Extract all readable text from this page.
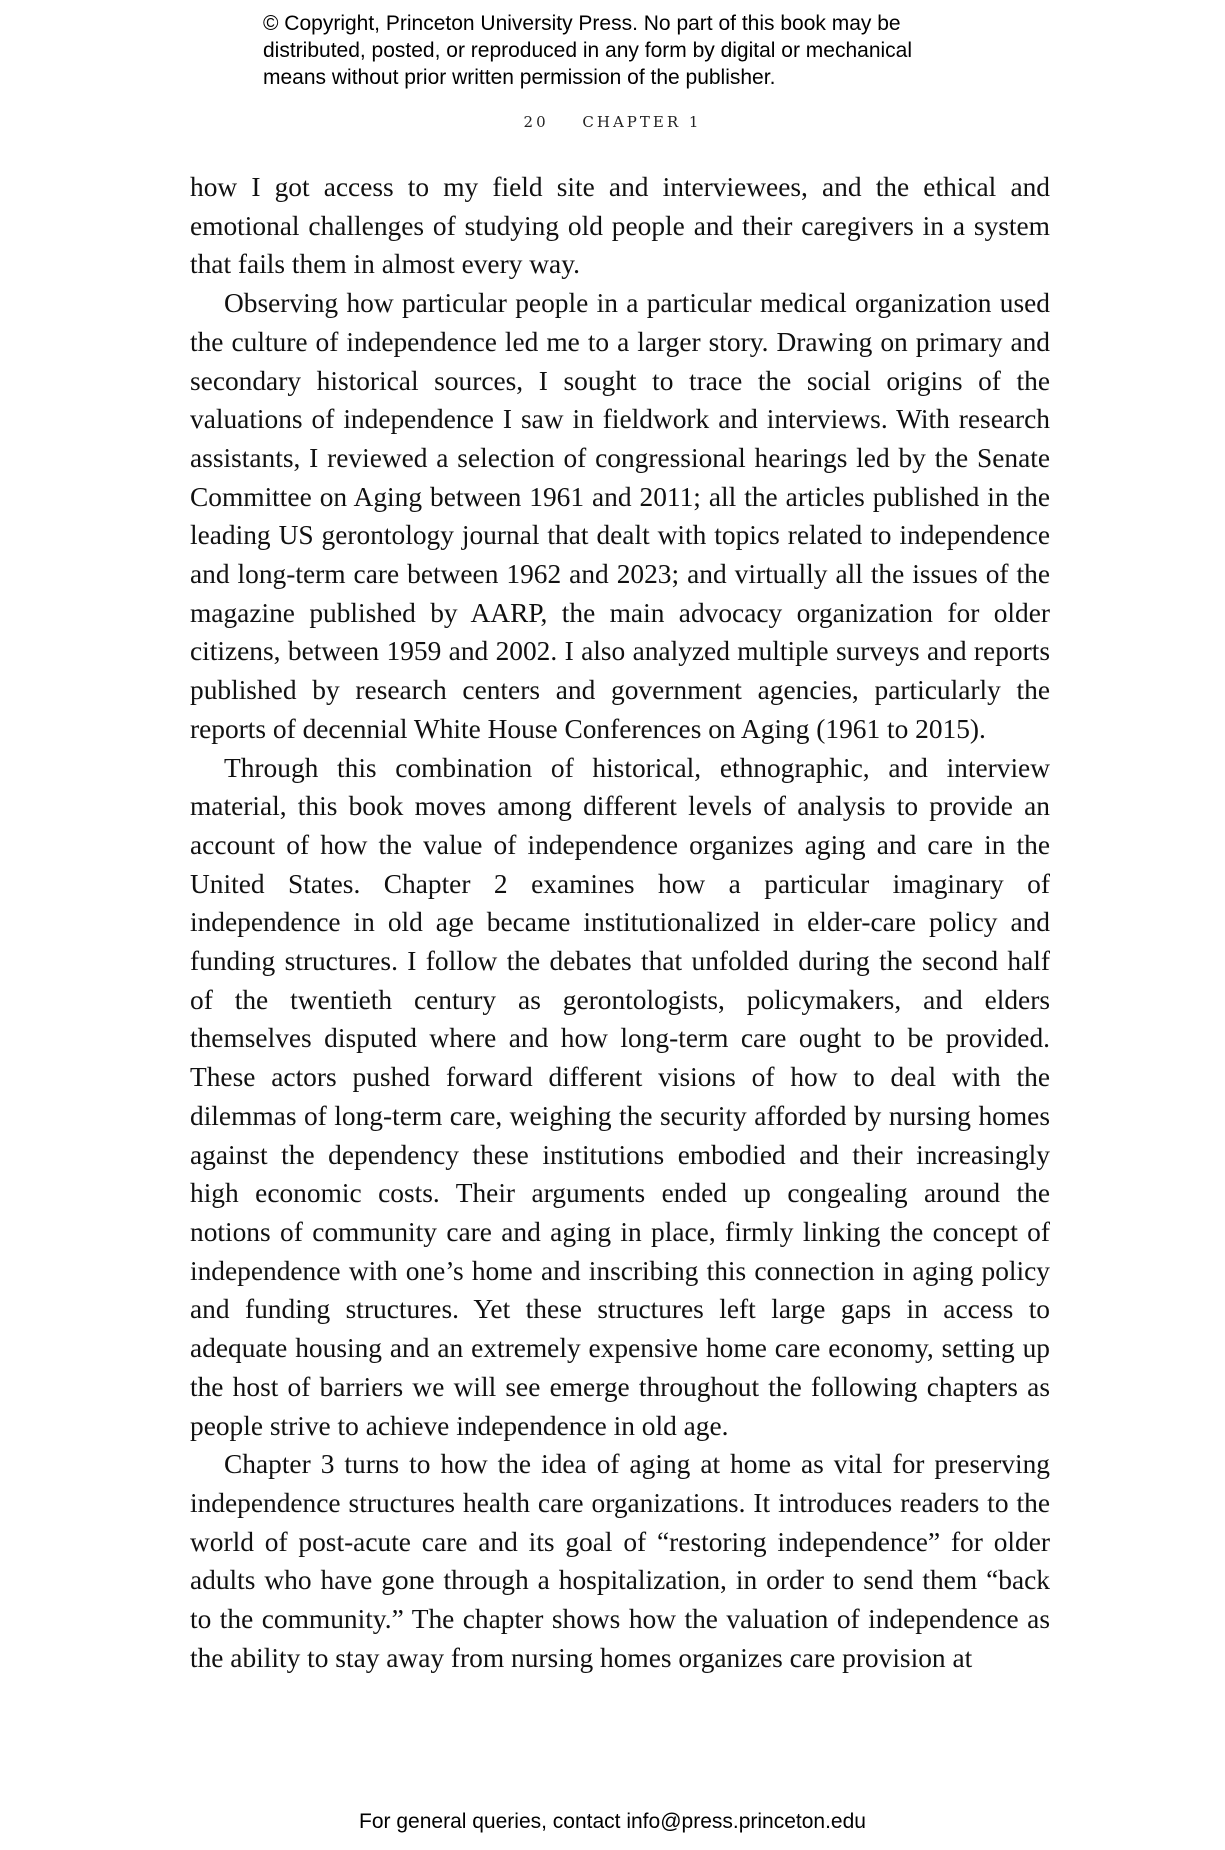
© Copyright, Princeton University Press. No part of this book may be
distributed, posted, or reproduced in any form by digital or mechanical
means without prior written permission of the publisher.
20 CHAPTER 1

how I got access to my field site and interviewees, and the ethical and emotional challenges of studying old people and their caregivers in a system that fails them in almost every way.

Observing how particular people in a particular medical organization used the culture of independence led me to a larger story. Drawing on primary and secondary historical sources, I sought to trace the social origins of the valuations of independence I saw in fieldwork and interviews. With research assistants, I reviewed a selection of congressional hearings led by the Senate Committee on Aging between 1961 and 2011; all the articles published in the leading US gerontology journal that dealt with topics related to independence and long-term care between 1962 and 2023; and virtually all the issues of the magazine published by AARP, the main advocacy organization for older citizens, between 1959 and 2002. I also analyzed multiple surveys and reports published by research centers and government agencies, particularly the reports of decennial White House Conferences on Aging (1961 to 2015).

Through this combination of historical, ethnographic, and interview material, this book moves among different levels of analysis to provide an account of how the value of independence organizes aging and care in the United States. Chapter 2 examines how a particular imaginary of independence in old age became institutionalized in elder-care policy and funding structures. I follow the debates that unfolded during the second half of the twentieth century as gerontologists, policymakers, and elders themselves disputed where and how long-term care ought to be provided. These actors pushed forward different visions of how to deal with the dilemmas of long-term care, weighing the security afforded by nursing homes against the dependency these institutions embodied and their increasingly high economic costs. Their arguments ended up congealing around the notions of community care and aging in place, firmly linking the concept of independence with one’s home and inscribing this connection in aging policy and funding structures. Yet these structures left large gaps in access to adequate housing and an extremely expensive home care economy, setting up the host of barriers we will see emerge throughout the following chapters as people strive to achieve independence in old age.

Chapter 3 turns to how the idea of aging at home as vital for preserving independence structures health care organizations. It introduces readers to the world of post-acute care and its goal of “restoring independence” for older adults who have gone through a hospitalization, in order to send them “back to the community.” The chapter shows how the valuation of independence as the ability to stay away from nursing homes organizes care provision at

For general queries, contact info@press.princeton.edu
